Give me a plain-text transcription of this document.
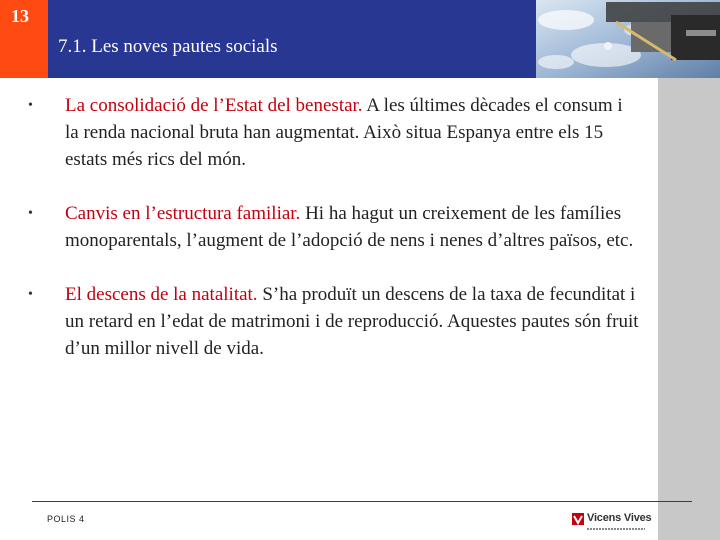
13
7.1. Les noves pautes socials
• La consolidació de l’Estat del benestar. A les últimes dècades el consum i la renda nacional bruta han augmentat. Això situa Espanya entre els 15 estats més rics del món.
• Canvis en l’estructura familiar. Hi ha hagut un creixement de les famílies monoparentals, l’augment de l’adopció de nens i nenes d’altres països, etc.
• El descens de la natalitat. S’ha produït un descens de la taxa de fecunditat i un retard en l’edat de matrimoni i de reproducció. Aquestes pautes són fruit d’un millor nivell de vida.
POLIS 4	Vicens Vives
